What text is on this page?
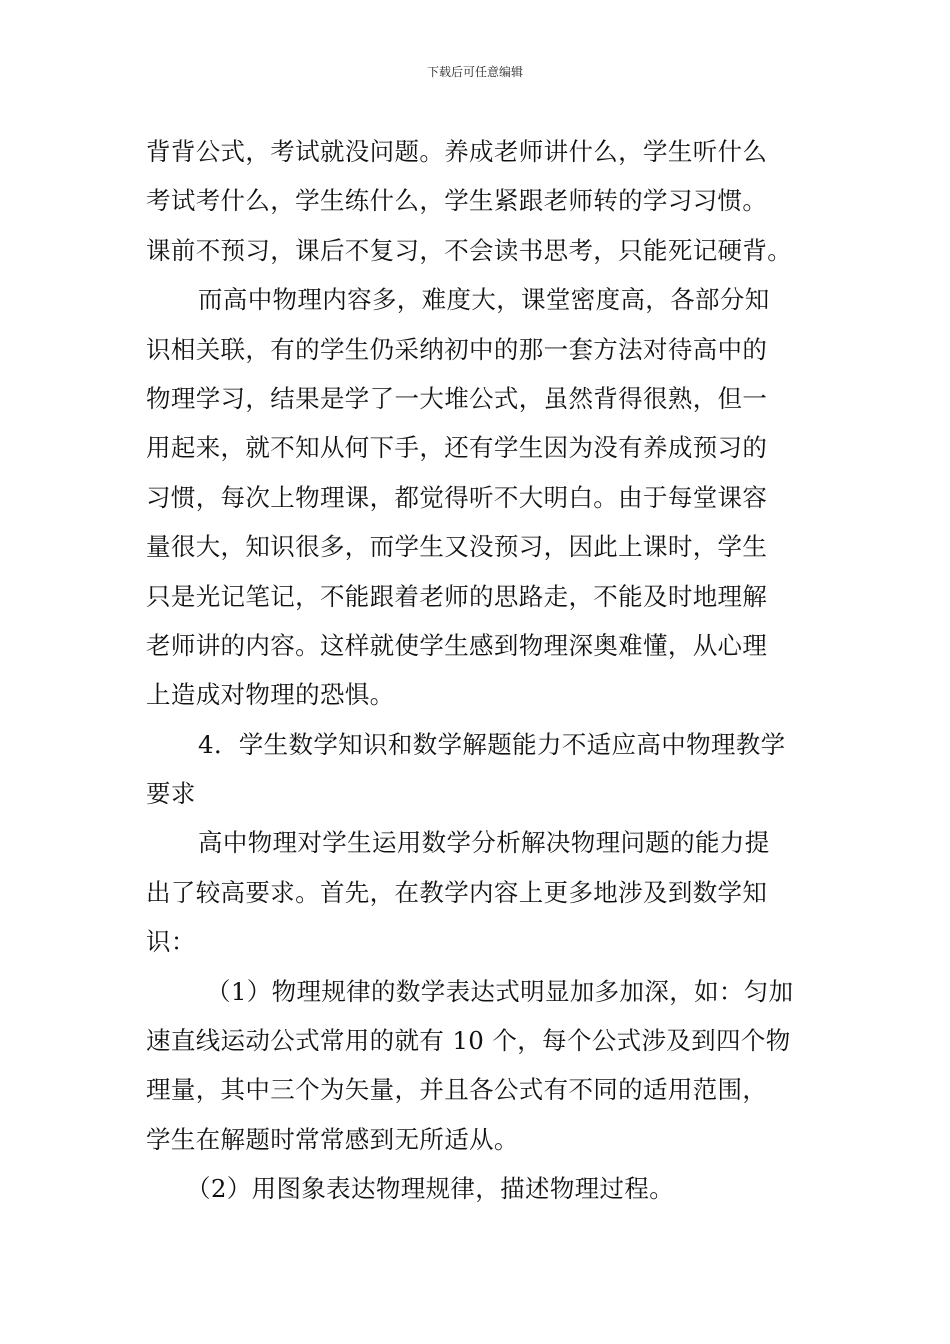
下载后可任意编辑
背背公式，考试就没问题。养成老师讲什么，学生听什么
考试考什么，学生练什么，学生紧跟老师转的学习习惯。
课前不预习，课后不复习，不会读书思考，只能死记硬背。
而高中物理内容多，难度大，课堂密度高，各部分知
识相关联，有的学生仍采纳初中的那一套方法对待高中的
物理学习，结果是学了一大堆公式，虽然背得很熟，但一
用起来，就不知从何下手，还有学生因为没有养成预习的
习惯，每次上物理课，都觉得听不大明白。由于每堂课容
量很大，知识很多，而学生又没预习，因此上课时，学生
只是光记笔记，不能跟着老师的思路走，不能及时地理解
老师讲的内容。这样就使学生感到物理深奥难懂，从心理
上造成对物理的恐惧。
4．学生数学知识和数学解题能力不适应高中物理教学
要求
高中物理对学生运用数学分析解决物理问题的能力提
出了较高要求。首先，在教学内容上更多地涉及到数学知
识：
（1）物理规律的数学表达式明显加多加深，如：匀加
速直线运动公式常用的就有 10 个，每个公式涉及到四个物
理量，其中三个为矢量，并且各公式有不同的适用范围，
学生在解题时常常感到无所适从。
（2）用图象表达物理规律，描述物理过程。
